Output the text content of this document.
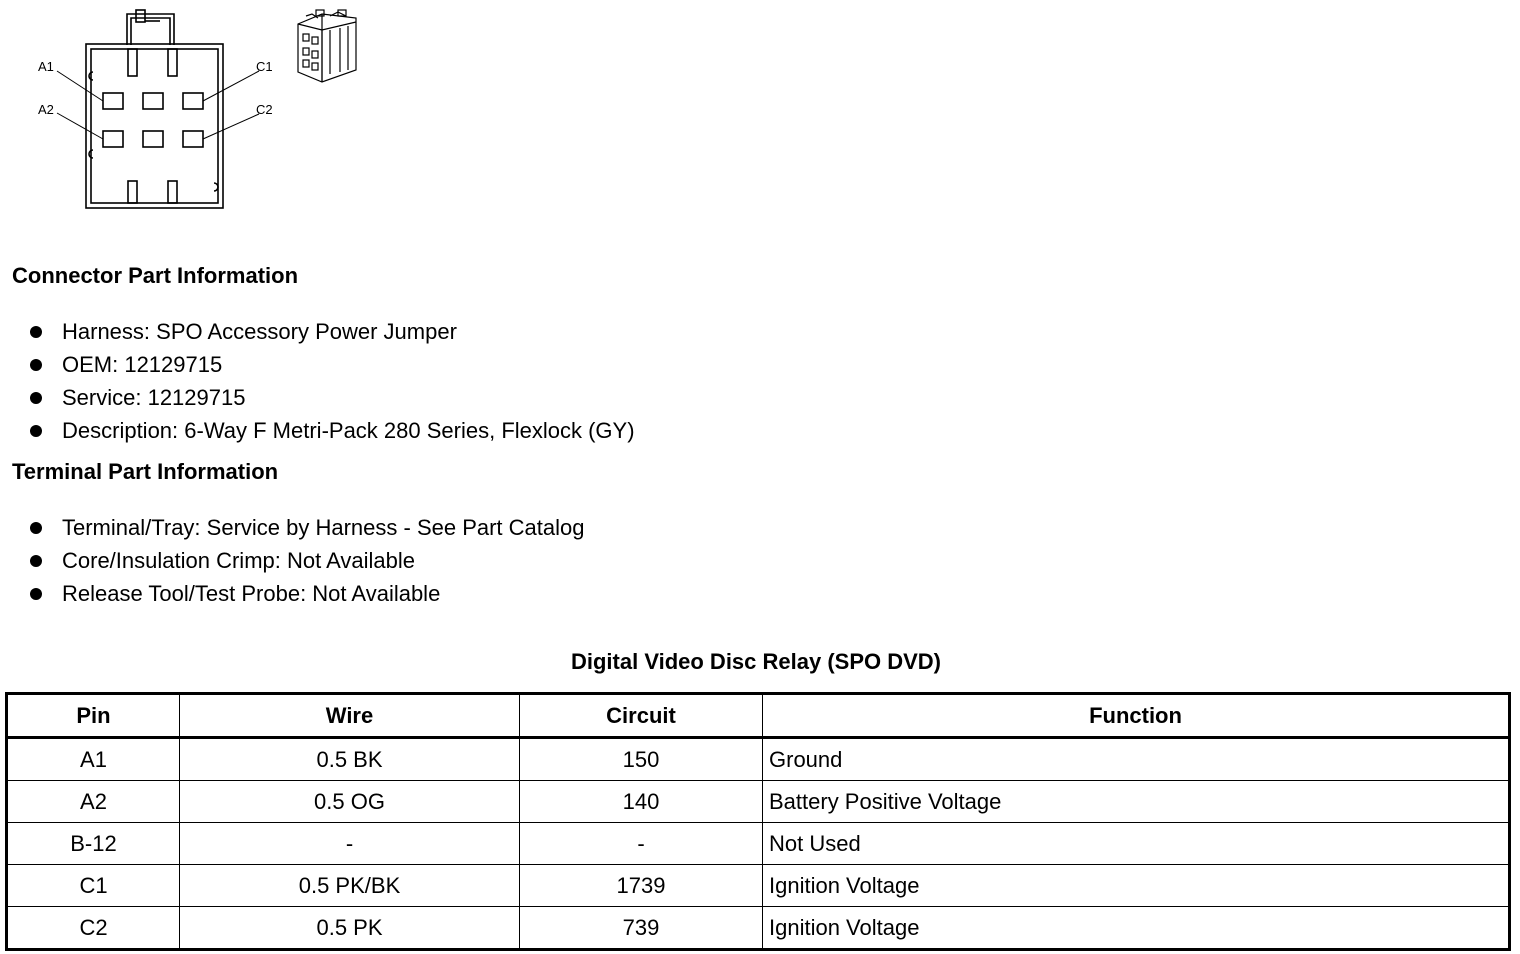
A1
A2
C1
C2
Connector Part Information
Harness: SPO Accessory Power Jumper
OEM: 12129715
Service: 12129715
Description: 6-Way F Metri-Pack 280 Series, Flexlock (GY)
Terminal Part Information
Terminal/Tray: Service by Harness - See Part Catalog
Core/Insulation Crimp: Not Available
Release Tool/Test Probe: Not Available
Digital Video Disc Relay (SPO DVD)
Pin	Wire	Circuit	Function
A1	0.5 BK	150	Ground
A2	0.5 OG	140	Battery Positive Voltage
B-12	-	-	Not Used
C1	0.5 PK/BK	1739	Ignition Voltage
C2	0.5 PK	739	Ignition Voltage
